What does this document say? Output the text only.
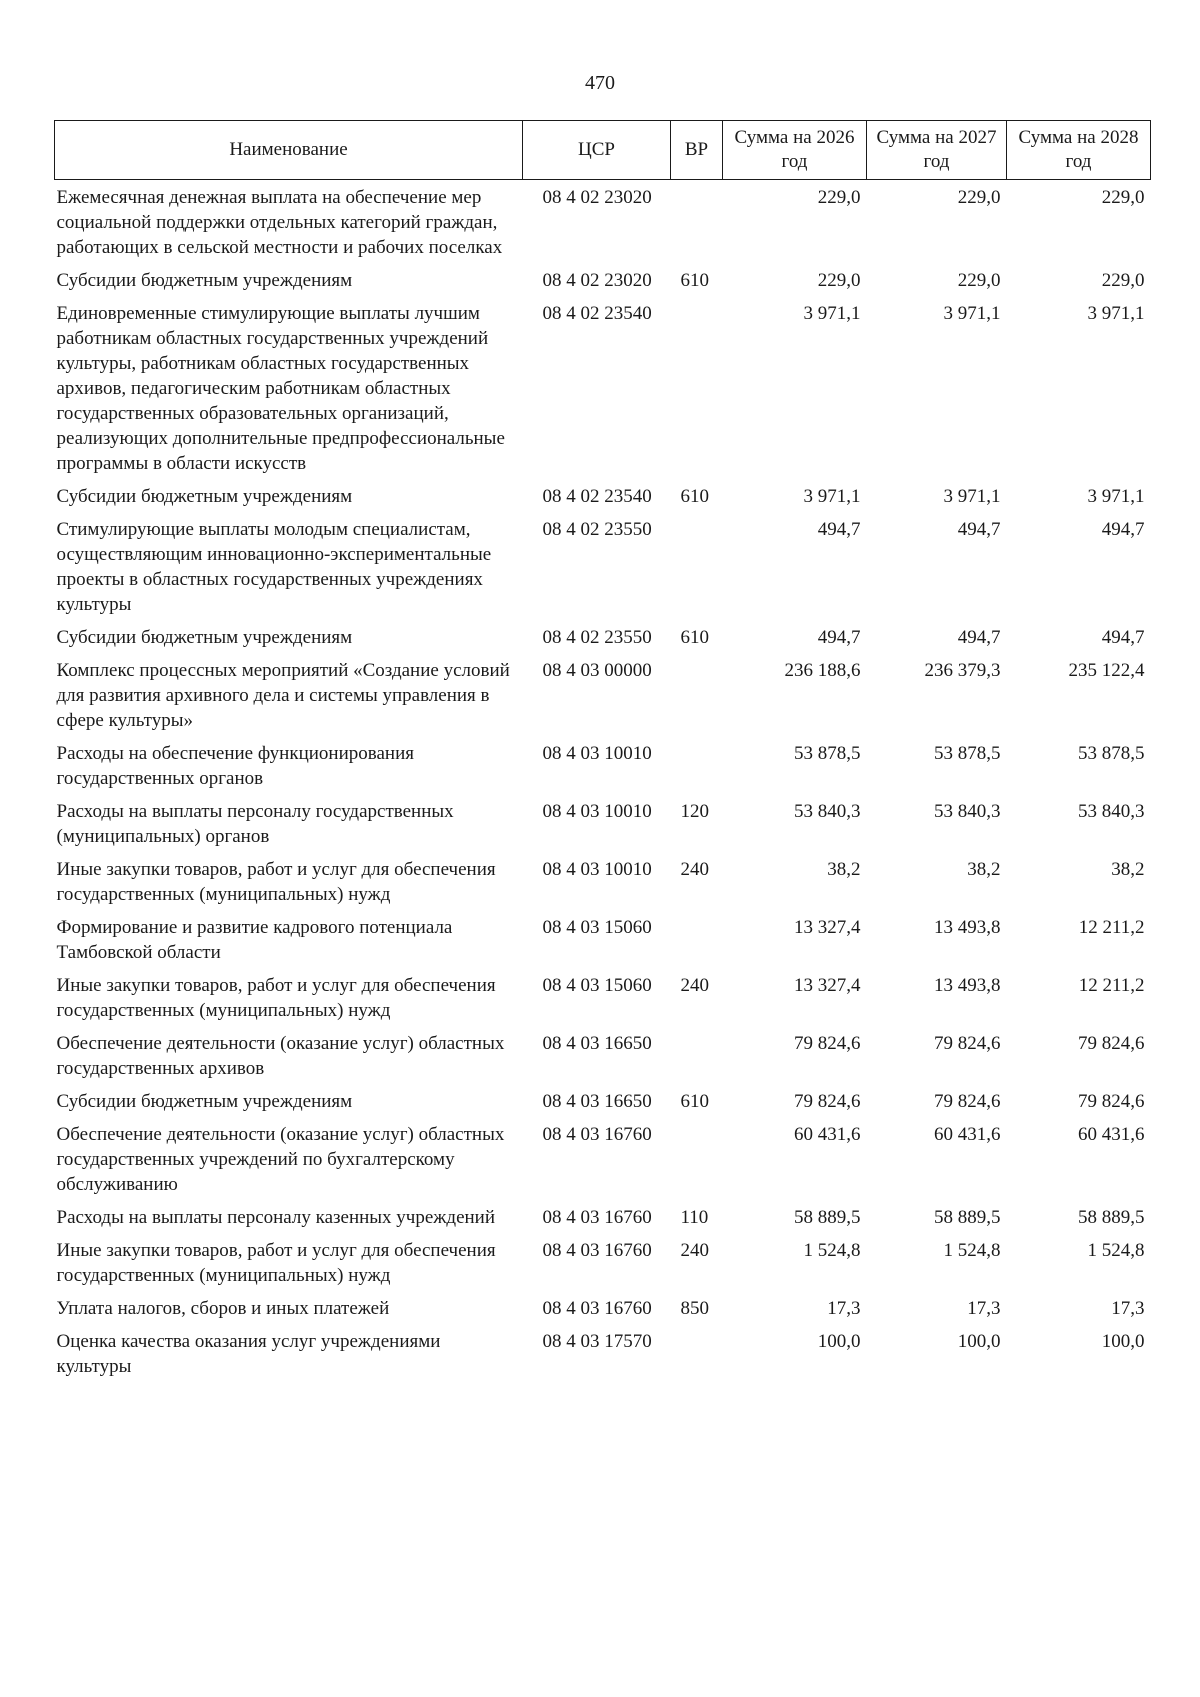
470
Наименование	ЦСР	ВР	Сумма на 2026 год	Сумма на 2027 год	Сумма на 2028 год
Ежемесячная денежная выплата на обеспечение мер социальной поддержки отдельных категорий граждан, работающих в сельской местности и рабочих поселках	08 4 02 23020		229,0	229,0	229,0
Субсидии бюджетным учреждениям	08 4 02 23020	610	229,0	229,0	229,0
Единовременные стимулирующие выплаты лучшим работникам областных государственных учреждений культуры, работникам областных государственных архивов, педагогическим работникам областных государственных образовательных организаций, реализующих дополнительные предпрофессиональные программы в области искусств	08 4 02 23540		3 971,1	3 971,1	3 971,1
Субсидии бюджетным учреждениям	08 4 02 23540	610	3 971,1	3 971,1	3 971,1
Стимулирующие выплаты молодым специалистам, осуществляющим инновационно-экспериментальные проекты в областных государственных учреждениях культуры	08 4 02 23550		494,7	494,7	494,7
Субсидии бюджетным учреждениям	08 4 02 23550	610	494,7	494,7	494,7
Комплекс процессных мероприятий «Создание условий для развития архивного дела и системы управления в сфере культуры»	08 4 03 00000		236 188,6	236 379,3	235 122,4
Расходы на обеспечение функционирования государственных органов	08 4 03 10010		53 878,5	53 878,5	53 878,5
Расходы на выплаты персоналу государственных (муниципальных) органов	08 4 03 10010	120	53 840,3	53 840,3	53 840,3
Иные закупки товаров, работ и услуг для обеспечения государственных (муниципальных) нужд	08 4 03 10010	240	38,2	38,2	38,2
Формирование и развитие кадрового потенциала Тамбовской области	08 4 03 15060		13 327,4	13 493,8	12 211,2
Иные закупки товаров, работ и услуг для обеспечения государственных (муниципальных) нужд	08 4 03 15060	240	13 327,4	13 493,8	12 211,2
Обеспечение деятельности (оказание услуг) областных государственных архивов	08 4 03 16650		79 824,6	79 824,6	79 824,6
Субсидии бюджетным учреждениям	08 4 03 16650	610	79 824,6	79 824,6	79 824,6
Обеспечение деятельности (оказание услуг) областных государственных учреждений по бухгалтерскому обслуживанию	08 4 03 16760		60 431,6	60 431,6	60 431,6
Расходы на выплаты персоналу казенных учреждений	08 4 03 16760	110	58 889,5	58 889,5	58 889,5
Иные закупки товаров, работ и услуг для обеспечения государственных (муниципальных) нужд	08 4 03 16760	240	1 524,8	1 524,8	1 524,8
Уплата налогов, сборов и иных платежей	08 4 03 16760	850	17,3	17,3	17,3
Оценка качества оказания услуг учреждениями культуры	08 4 03 17570		100,0	100,0	100,0
